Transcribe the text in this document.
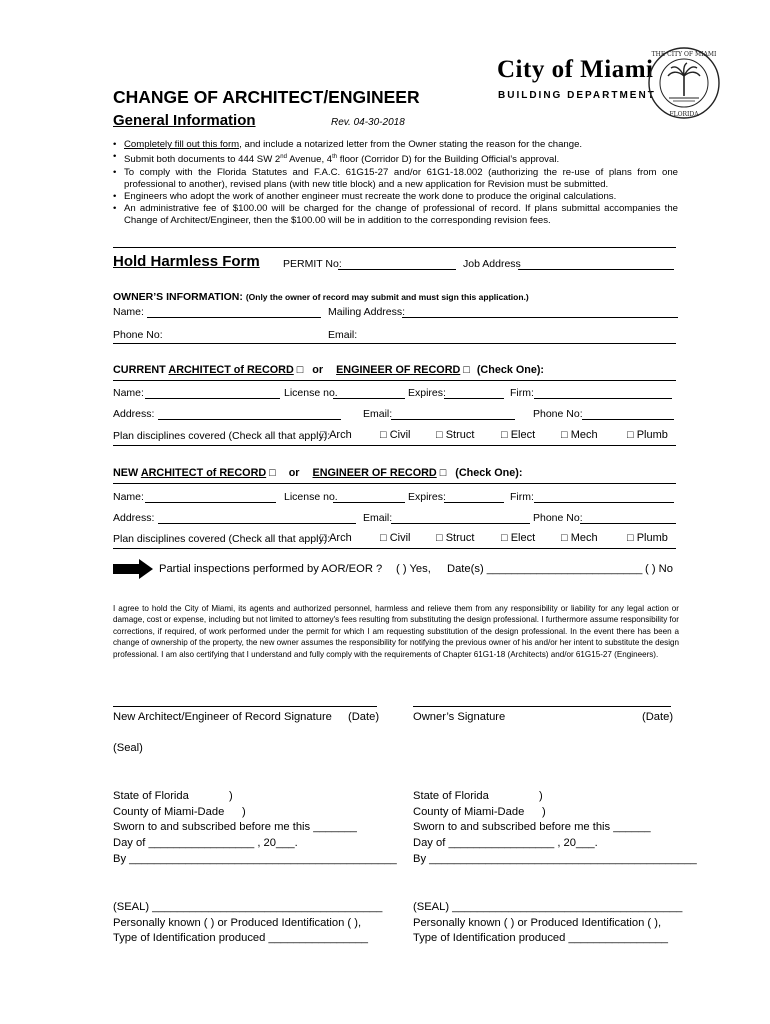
City of Miami
BUILDING DEPARTMENT
THE CITY OF MIAMI
FLORIDA
CHANGE OF ARCHITECT/ENGINEER
General Information	Rev. 04-30-2018
• Completely fill out this form, and include a notarized letter from the Owner stating the reason for the change.
• Submit both documents to 444 SW 2nd Avenue, 4th floor (Corridor D) for the Building Official’s approval.
• To comply with the Florida Statutes and F.A.C. 61G15-27 and/or 61G1-18.002 (authorizing the re-use of plans from one professional to another), revised plans (with new title block) and a new application for Revision must be submitted.
• Engineers who adopt the work of another engineer must recreate the work done to produce the original calculations.
• An administrative fee of $100.00 will be charged for the change of professional of record. If plans submittal accompanies the Change of Architect/Engineer, then the $100.00 will be in addition to the corresponding revision fees.
Hold Harmless Form PERMIT No:	Job Address
OWNER’S INFORMATION: (Only the owner of record may submit and must sign this application.)
Name:	Mailing Address:
Phone No:	Email:
CURRENT ARCHITECT of RECORD □ or ENGINEER OF RECORD □ (Check One):
Name:	License no.	Expires:	Firm:
Address:	Email:	Phone No:
Plan disciplines covered (Check all that apply):
□ Arch	□ Civil □ Struct □ Elect □ Mech	□ Plumb
NEW ARCHITECT of RECORD □ or ENGINEER OF RECORD □ (Check One):
Name:	License no.	Expires:	Firm:
Address:	Email:	Phone No:
Plan disciplines covered (Check all that apply):
□ Arch	□ Civil □ Struct □ Elect □ Mech	□ Plumb
Partial inspections performed by AOR/EOR ? ( ) Yes, Date(s) _________________________ ( ) No
I agree to hold the City of Miami, its agents and authorized personnel, harmless and relieve them from any responsibility or liability for any legal action or damage, cost or expense, including but not limited to attorney's fees resulting from substituting the design professional. I furthermore assume responsibility for corrections, if required, of work performed under the permit for which I am requesting substitution of the design professional. In the event there has been a change of ownership of the property, the new owner assumes the responsibility for notifying the previous owner of his and/or her intent to substitute the design professional. I am also certifying that I understand and fully comply with the requirements of Chapter 61G1-18 (Architects) and/or 61G15-27 (Engineers).
New Architect/Engineer of Record Signature (Date)	Owner’s Signature	(Date)
(Seal)
State of Florida	)
County of Miami-Dade )
Sworn to and subscribed before me this _______
Day of _________________ , 20___.
By ___________________________________________
(SEAL) _____________________________________
Personally known ( ) or Produced Identification ( ),
Type of Identification produced ________________
State of Florida	)
County of Miami-Dade )
Sworn to and subscribed before me this ______
Day of _________________ , 20___.
By ___________________________________________
(SEAL) _____________________________________
Personally known ( ) or Produced Identification ( ),
Type of Identification produced ________________
